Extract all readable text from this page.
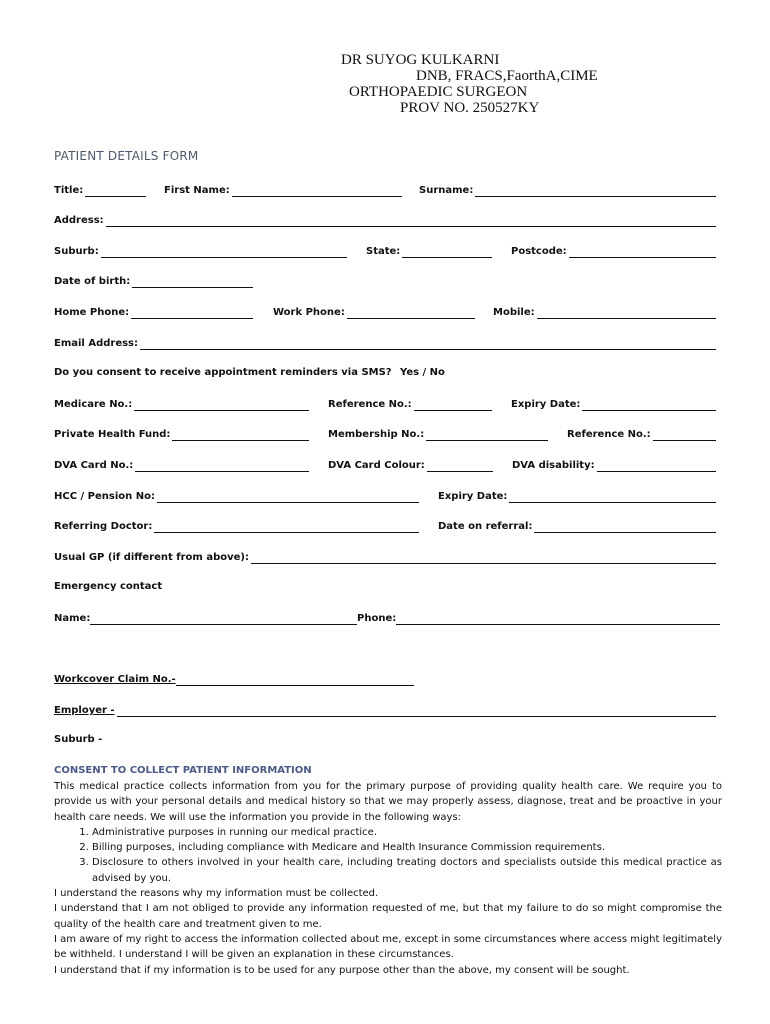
DR SUYOG KULKARNI
DNB, FRACS,FaorthA,CIME
ORTHOPAEDIC SURGEON
PROV NO. 250527KY
PATIENT DETAILS FORM
Title:	First Name:	Surname:
Address:
Suburb:	State:	Postcode:
Date of birth:
Home Phone:	Work Phone:	Mobile:
Email Address:
Do you consent to receive appointment reminders via SMS? Yes / No
Medicare No.:	Reference No.:	Expiry Date:
Private Health Fund:	Membership No.:	Reference No.:
DVA Card No.:	DVA Card Colour:	DVA disability:
HCC / Pension No:	Expiry Date:
Referring Doctor:	Date on referral:
Usual GP (if different from above):
Emergency contact
Name:	Phone:
Workcover Claim No.-
Employer -
Suburb -
CONSENT TO COLLECT PATIENT INFORMATION

This medical practice collects information from you for the primary purpose of providing quality health care. We require you to provide us with your personal details and medical history so that we may properly assess, diagnose, treat and be proactive in your health care needs. We will use the information you provide in the following ways:

1. Administrative purposes in running our medical practice.
2. Billing purposes, including compliance with Medicare and Health Insurance Commission requirements.
3. Disclosure to others involved in your health care, including treating doctors and specialists outside this medical practice as advised by you.

I understand the reasons why my information must be collected.

I understand that I am not obliged to provide any information requested of me, but that my failure to do so might compromise the quality of the health care and treatment given to me.

I am aware of my right to access the information collected about me, except in some circumstances where access might legitimately be withheld. I understand I will be given an explanation in these circumstances.

I understand that if my information is to be used for any purpose other than the above, my consent will be sought.
